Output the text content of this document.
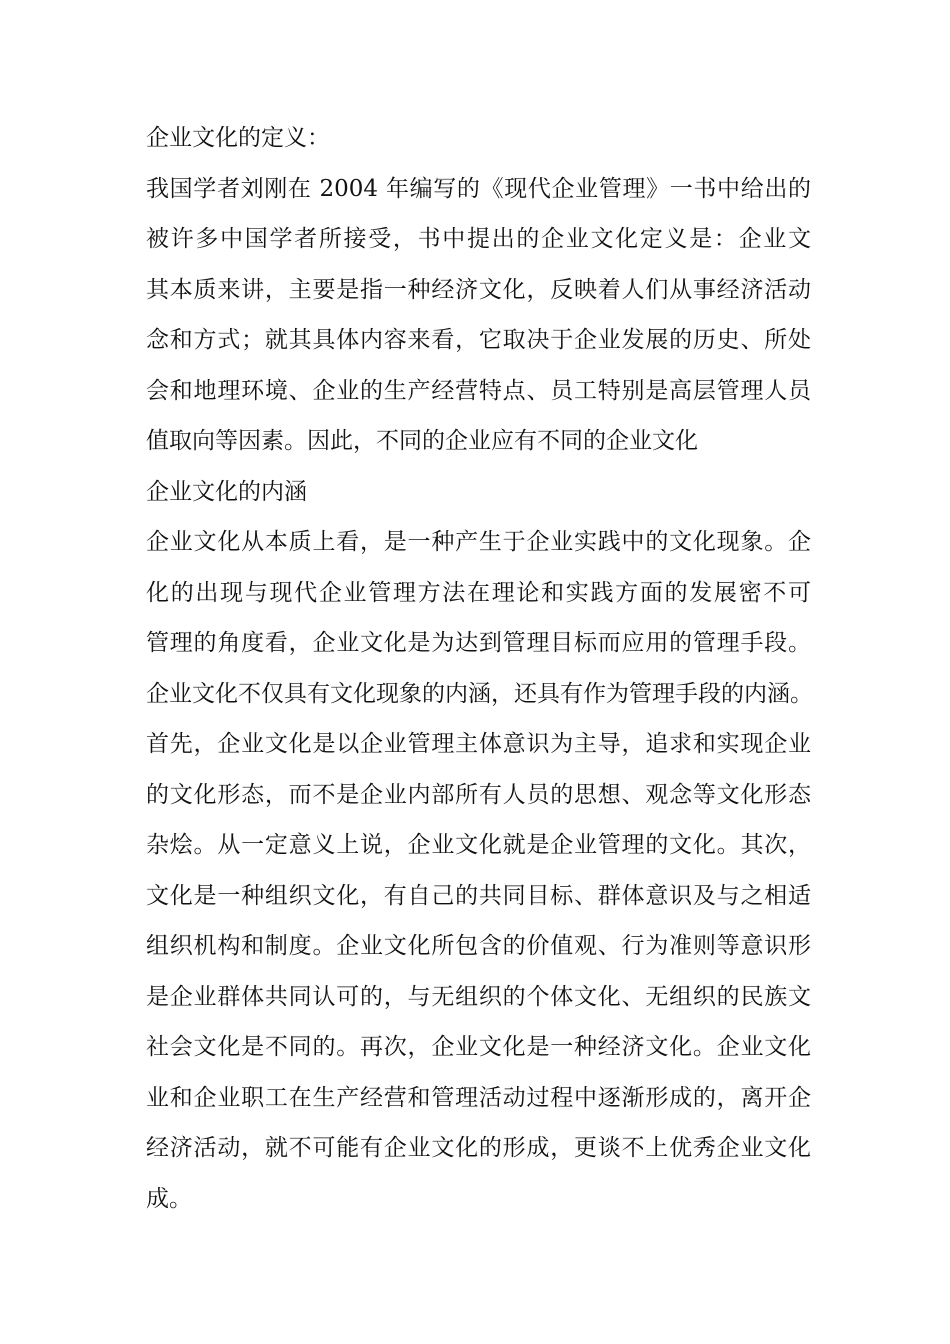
企业文化的定义：
我国学者刘刚在 2004 年编写的《现代企业管理》一书中给出的
被许多中国学者所接受，书中提出的企业文化定义是：企业文
其本质来讲，主要是指一种经济文化，反映着人们从事经济活动
念和方式；就其具体内容来看，它取决于企业发展的历史、所处
会和地理环境、企业的生产经营特点、员工特别是高层管理人员
值取向等因素。因此，不同的企业应有不同的企业文化
企业文化的内涵
企业文化从本质上看，是一种产生于企业实践中的文化现象。企
化的出现与现代企业管理方法在理论和实践方面的发展密不可
管理的角度看，企业文化是为达到管理目标而应用的管理手段。
企业文化不仅具有文化现象的内涵，还具有作为管理手段的内涵。
首先，企业文化是以企业管理主体意识为主导，追求和实现企业
的文化形态，而不是企业内部所有人员的思想、观念等文化形态
杂烩。从一定意义上说，企业文化就是企业管理的文化。其次，
文化是一种组织文化，有自己的共同目标、群体意识及与之相适
组织机构和制度。企业文化所包含的价值观、行为准则等意识形
是企业群体共同认可的，与无组织的个体文化、无组织的民族文
社会文化是不同的。再次，企业文化是一种经济文化。企业文化
业和企业职工在生产经营和管理活动过程中逐渐形成的，离开企
经济活动，就不可能有企业文化的形成，更谈不上优秀企业文化
成。
